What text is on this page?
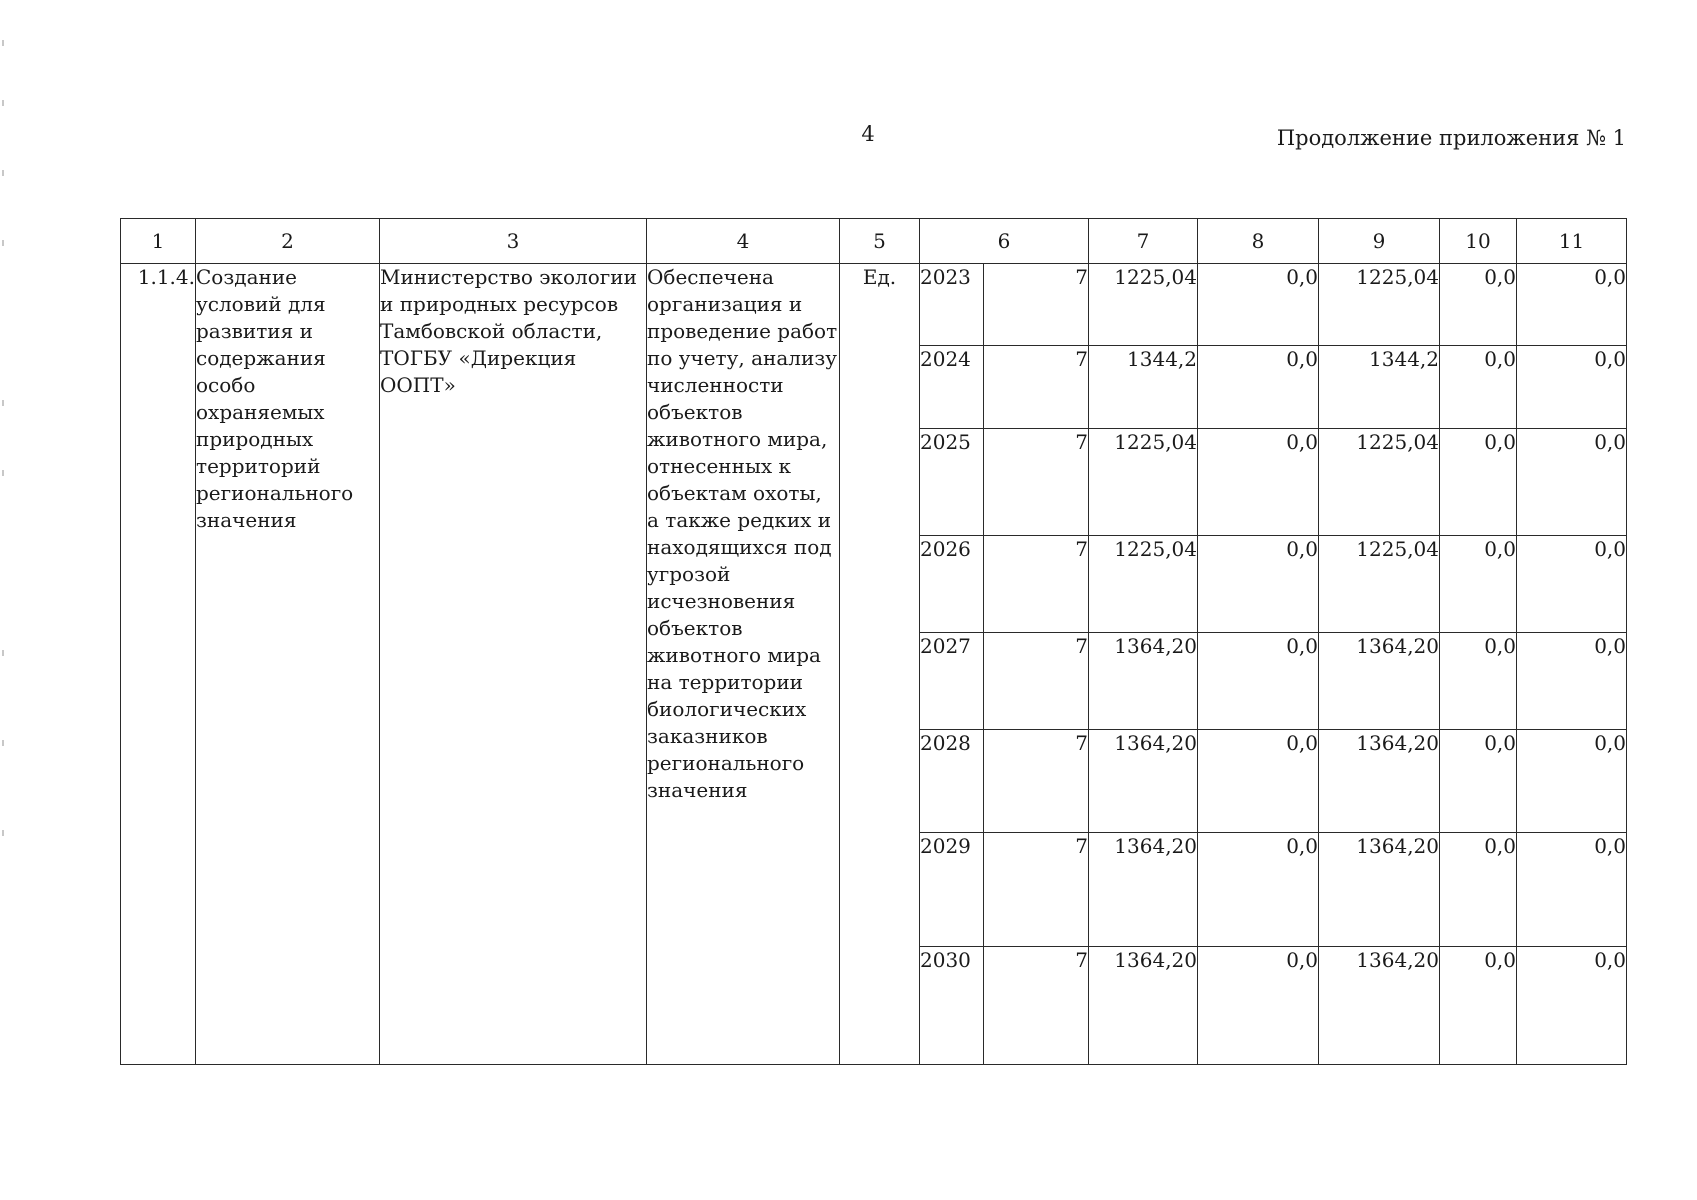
4	Продолжение приложения № 1
1	2	3	4	5	6		7	8	9	10	11
1.1.4.	Создание условий для развития и содержания особо охраняемых природных территорий регионального значения	Министерство экологии и природных ресурсов Тамбовской области, ТОГБУ «Дирекция ООПТ»	Обеспечена организация и проведение работ по учету, анализу численности объектов животного мира, отнесенных к объектам охоты, а также редких и находящихся под угрозой исчезновения объектов животного мира на территории биологических заказников регионального значения	Ед.	2023	7	1225,04	0,0	1225,04	0,0	0,0
					2024	7	1344,2	0,0	1344,2	0,0	0,0
					2025	7	1225,04	0,0	1225,04	0,0	0,0
					2026	7	1225,04	0,0	1225,04	0,0	0,0
					2027	7	1364,20	0,0	1364,20	0,0	0,0
					2028	7	1364,20	0,0	1364,20	0,0	0,0
					2029	7	1364,20	0,0	1364,20	0,0	0,0
					2030	7	1364,20	0,0	1364,20	0,0	0,0
